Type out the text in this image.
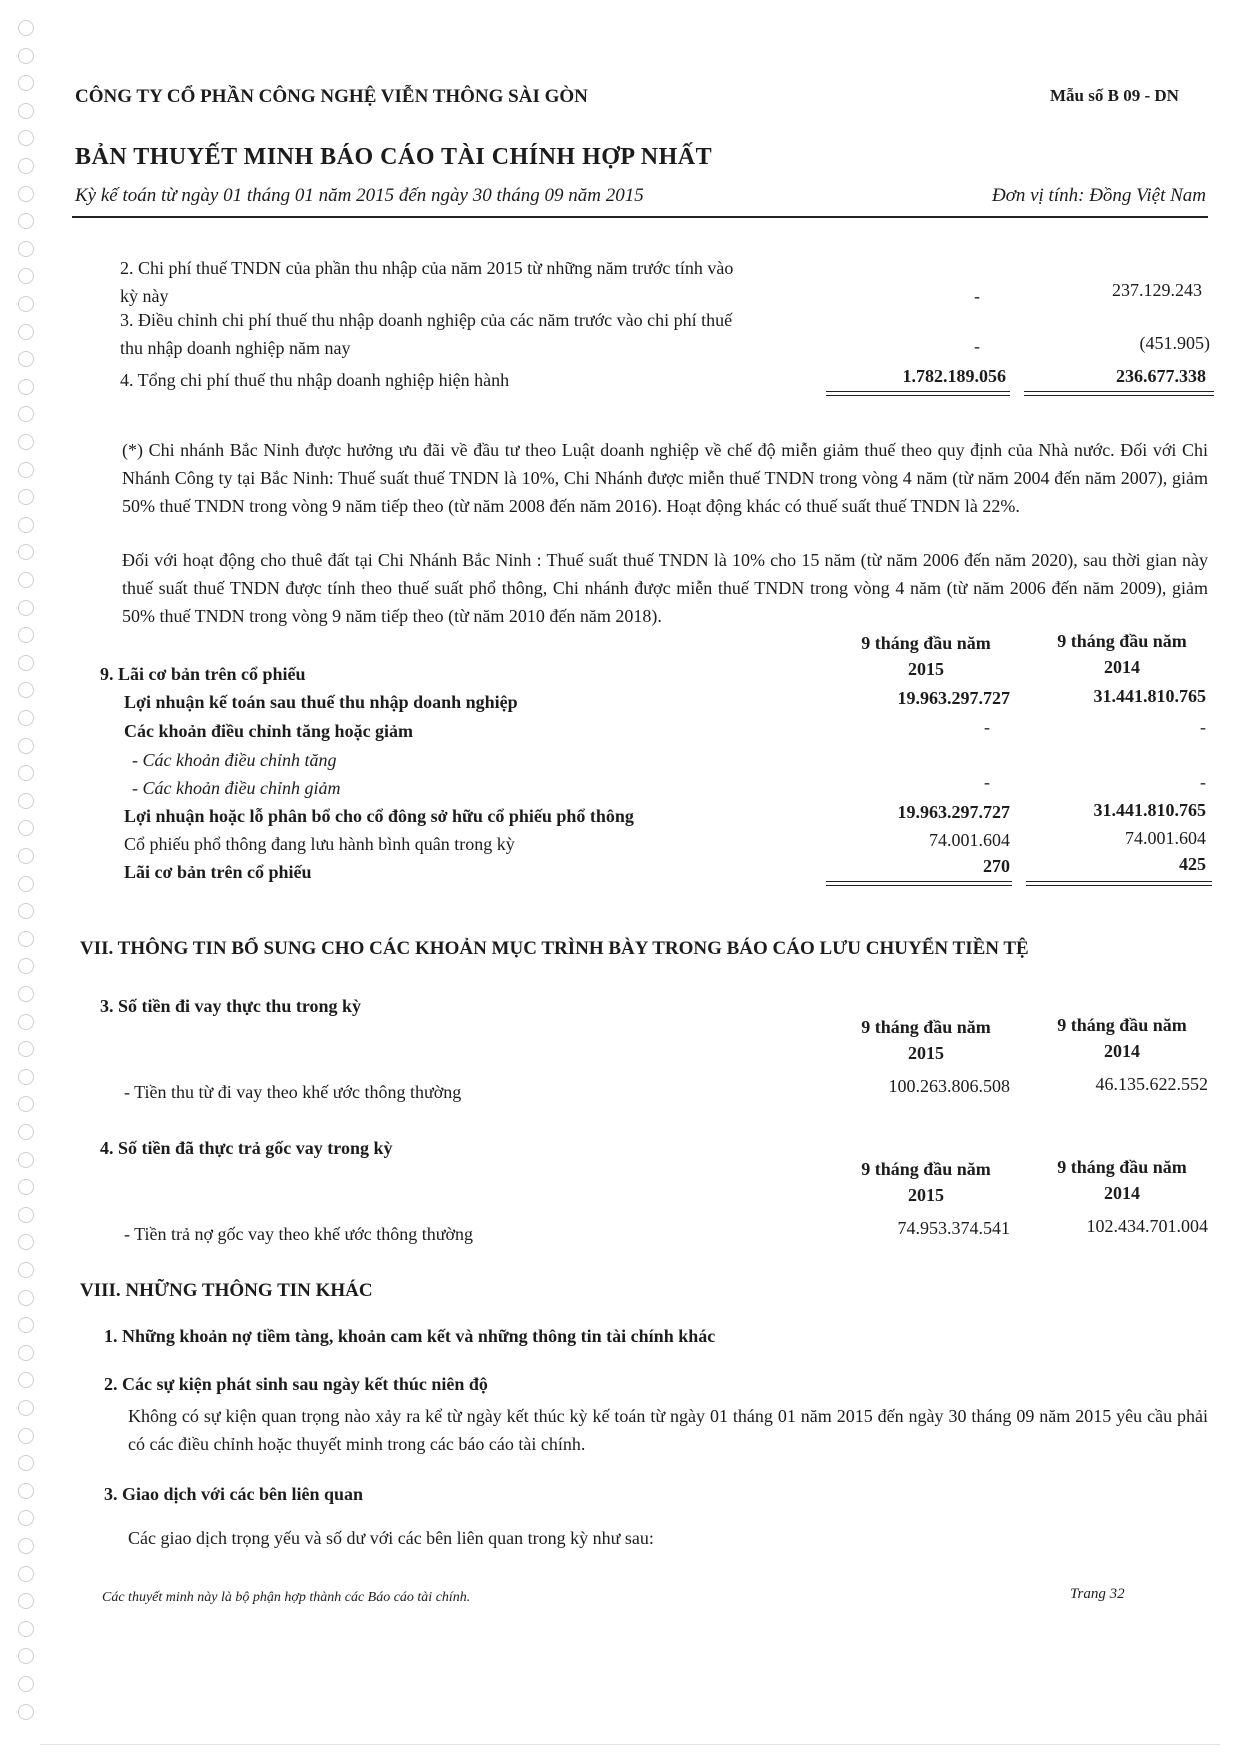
CÔNG TY CỔ PHẦN CÔNG NGHỆ VIỄN THÔNG SÀI GÒN	Mẫu số B 09 - DN
BẢN THUYẾT MINH BÁO CÁO TÀI CHÍNH HỢP NHẤT
Kỳ kế toán từ ngày 01 tháng 01 năm 2015 đến ngày 30 tháng 09 năm 2015	Đơn vị tính: Đồng Việt Nam
2. Chi phí thuế TNDN của phần thu nhập của năm 2015 từ những năm trước tính vào
kỳ này	-	237.129.243
3. Điều chỉnh chi phí thuế thu nhập doanh nghiệp của các năm trước vào chi phí thuế
thu nhập doanh nghiệp năm nay	-	(451.905)
4. Tổng chi phí thuế thu nhập doanh nghiệp hiện hành	1.782.189.056	236.677.338
(*) Chi nhánh Bắc Ninh được hưởng ưu đãi về đầu tư theo Luật doanh nghiệp về chế độ miễn giảm thuế theo quy định của Nhà nước. Đối với Chi Nhánh Công ty tại Bắc Ninh: Thuế suất thuế TNDN là 10%, Chi Nhánh được miễn thuế TNDN trong vòng 4 năm (từ năm 2004 đến năm 2007), giảm 50% thuế TNDN trong vòng 9 năm tiếp theo (từ năm 2008 đến năm 2016). Hoạt động khác có thuế suất thuế TNDN là 22%.
Đối với hoạt động cho thuê đất tại Chi Nhánh Bắc Ninh : Thuế suất thuế TNDN là 10% cho 15 năm (từ năm 2006 đến năm 2020), sau thời gian này thuế suất thuế TNDN được tính theo thuế suất phổ thông, Chi nhánh được miễn thuế TNDN trong vòng 4 năm (từ năm 2006 đến năm 2009), giảm 50% thuế TNDN trong vòng 9 năm tiếp theo (từ năm 2010 đến năm 2018).
9 tháng đầu năm
2015
9 tháng đầu năm
2014
9. Lãi cơ bản trên cổ phiếu
Lợi nhuận kế toán sau thuế thu nhập doanh nghiệp	19.963.297.727	31.441.810.765
Các khoản điều chỉnh tăng hoặc giảm	-	-
- Các khoản điều chỉnh tăng
- Các khoản điều chỉnh giảm	-	-
Lợi nhuận hoặc lỗ phân bổ cho cổ đông sở hữu cổ phiếu phổ thông	19.963.297.727	31.441.810.765
Cổ phiếu phổ thông đang lưu hành bình quân trong kỳ	74.001.604	74.001.604
Lãi cơ bản trên cổ phiếu	270	425
VII. THÔNG TIN BỔ SUNG CHO CÁC KHOẢN MỤC TRÌNH BÀY TRONG BÁO CÁO LƯU CHUYỂN TIỀN TỆ
3. Số tiền đi vay thực thu trong kỳ
9 tháng đầu năm
2015
9 tháng đầu năm
2014
- Tiền thu từ đi vay theo khế ước thông thường	100.263.806.508	46.135.622.552
4. Số tiền đã thực trả gốc vay trong kỳ
9 tháng đầu năm
2015
9 tháng đầu năm
2014
- Tiền trả nợ gốc vay theo khế ước thông thường	74.953.374.541	102.434.701.004
VIII. NHỮNG THÔNG TIN KHÁC
1. Những khoản nợ tiềm tàng, khoản cam kết và những thông tin tài chính khác
2. Các sự kiện phát sinh sau ngày kết thúc niên độ
Không có sự kiện quan trọng nào xảy ra kể từ ngày kết thúc kỳ kế toán từ ngày 01 tháng 01 năm 2015 đến ngày 30 tháng 09 năm 2015 yêu cầu phải có các điều chỉnh hoặc thuyết minh trong các báo cáo tài chính.
3. Giao dịch với các bên liên quan
Các giao dịch trọng yếu và số dư với các bên liên quan trong kỳ như sau:
Các thuyết minh này là bộ phận hợp thành các Báo cáo tài chính.	Trang 32
